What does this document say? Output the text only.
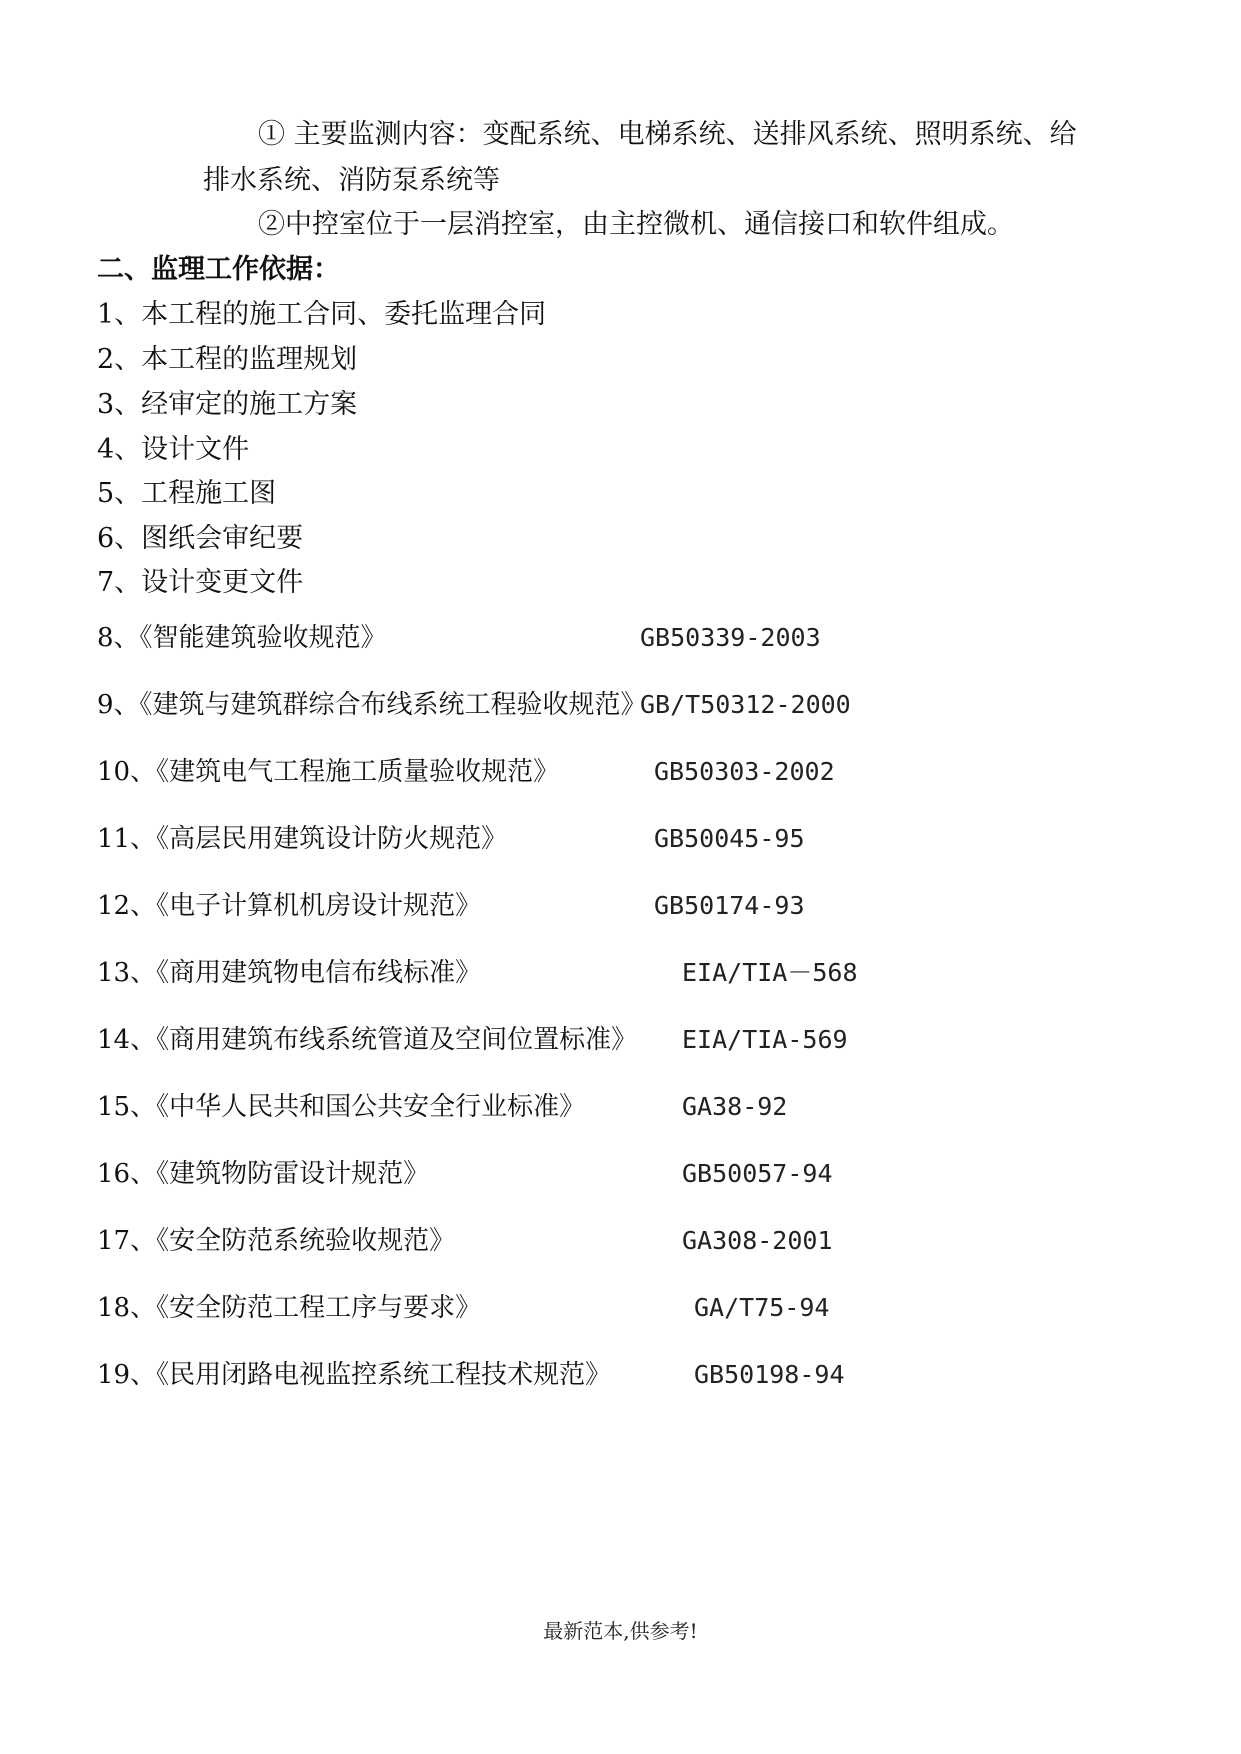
① 主要监测内容：变配系统、电梯系统、送排风系统、照明系统、给
排水系统、消防泵系统等
②中控室位于一层消控室，由主控微机、通信接口和软件组成。
二、监理工作依据：
1、本工程的施工合同、委托监理合同
2、本工程的监理规划
3、经审定的施工方案
4、设计文件
5、工程施工图
6、图纸会审纪要
7、设计变更文件
8、《智能建筑验收规范》	GB50339-2003
9、《建筑与建筑群综合布线系统工程验收规范》
GB/T50312-2000
10、《建筑电气工程施工质量验收规范》	GB50303-2002
11、《高层民用建筑设计防火规范》	GB50045-95
12、《电子计算机机房设计规范》	GB50174-93
13、《商用建筑物电信布线标准》	EIA/TIA－568
14、《商用建筑布线系统管道及空间位置标准》 EIA/TIA-569
15、《中华人民共和国公共安全行业标准》	GA38-92
16、《建筑物防雷设计规范》	GB50057-94
17、《安全防范系统验收规范》	GA308-2001
18、《安全防范工程工序与要求》	GA/T75-94
19、《民用闭路电视监控系统工程技术规范》	GB50198-94
最新范本,供参考!
